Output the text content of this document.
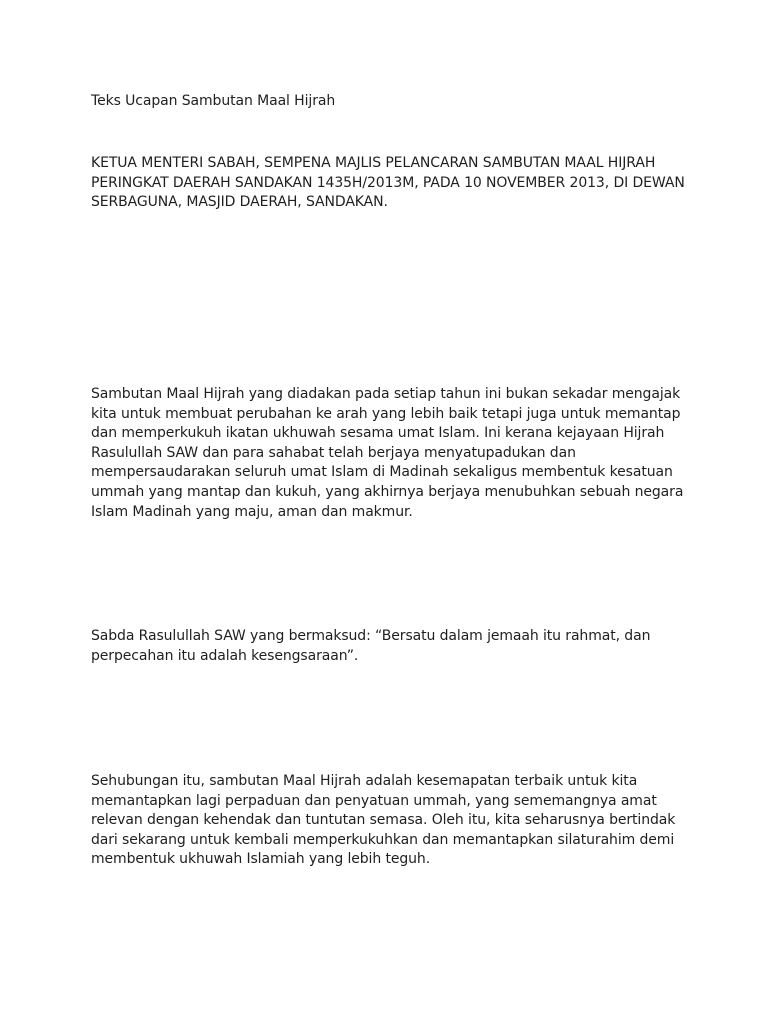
Teks Ucapan Sambutan Maal Hijrah

KETUA MENTERI SABAH, SEMPENA MAJLIS PELANCARAN SAMBUTAN MAAL HIJRAH PERINGKAT DAERAH SANDAKAN 1435H/2013M, PADA 10 NOVEMBER 2013, DI DEWAN SERBAGUNA, MASJID DAERAH, SANDAKAN.

Sambutan Maal Hijrah yang diadakan pada setiap tahun ini bukan sekadar mengajak kita untuk membuat perubahan ke arah yang lebih baik tetapi juga untuk memantap dan memperkukuh ikatan ukhuwah sesama umat Islam. Ini kerana kejayaan Hijrah Rasulullah SAW dan para sahabat telah berjaya menyatupadukan dan mempersaudarakan seluruh umat Islam di Madinah sekaligus membentuk kesatuan ummah yang mantap dan kukuh, yang akhirnya berjaya menubuhkan sebuah negara Islam Madinah yang maju, aman dan makmur.

Sabda Rasulullah SAW yang bermaksud: “Bersatu dalam jemaah itu rahmat, dan perpecahan itu adalah kesengsaraan”.

Sehubungan itu, sambutan Maal Hijrah adalah kesemapatan terbaik untuk kita memantapkan lagi perpaduan dan penyatuan ummah, yang sememangnya amat relevan dengan kehendak dan tuntutan semasa. Oleh itu, kita seharusnya bertindak dari sekarang untuk kembali memperkukuhkan dan memantapkan silaturahim demi membentuk ukhuwah Islamiah yang lebih teguh.
